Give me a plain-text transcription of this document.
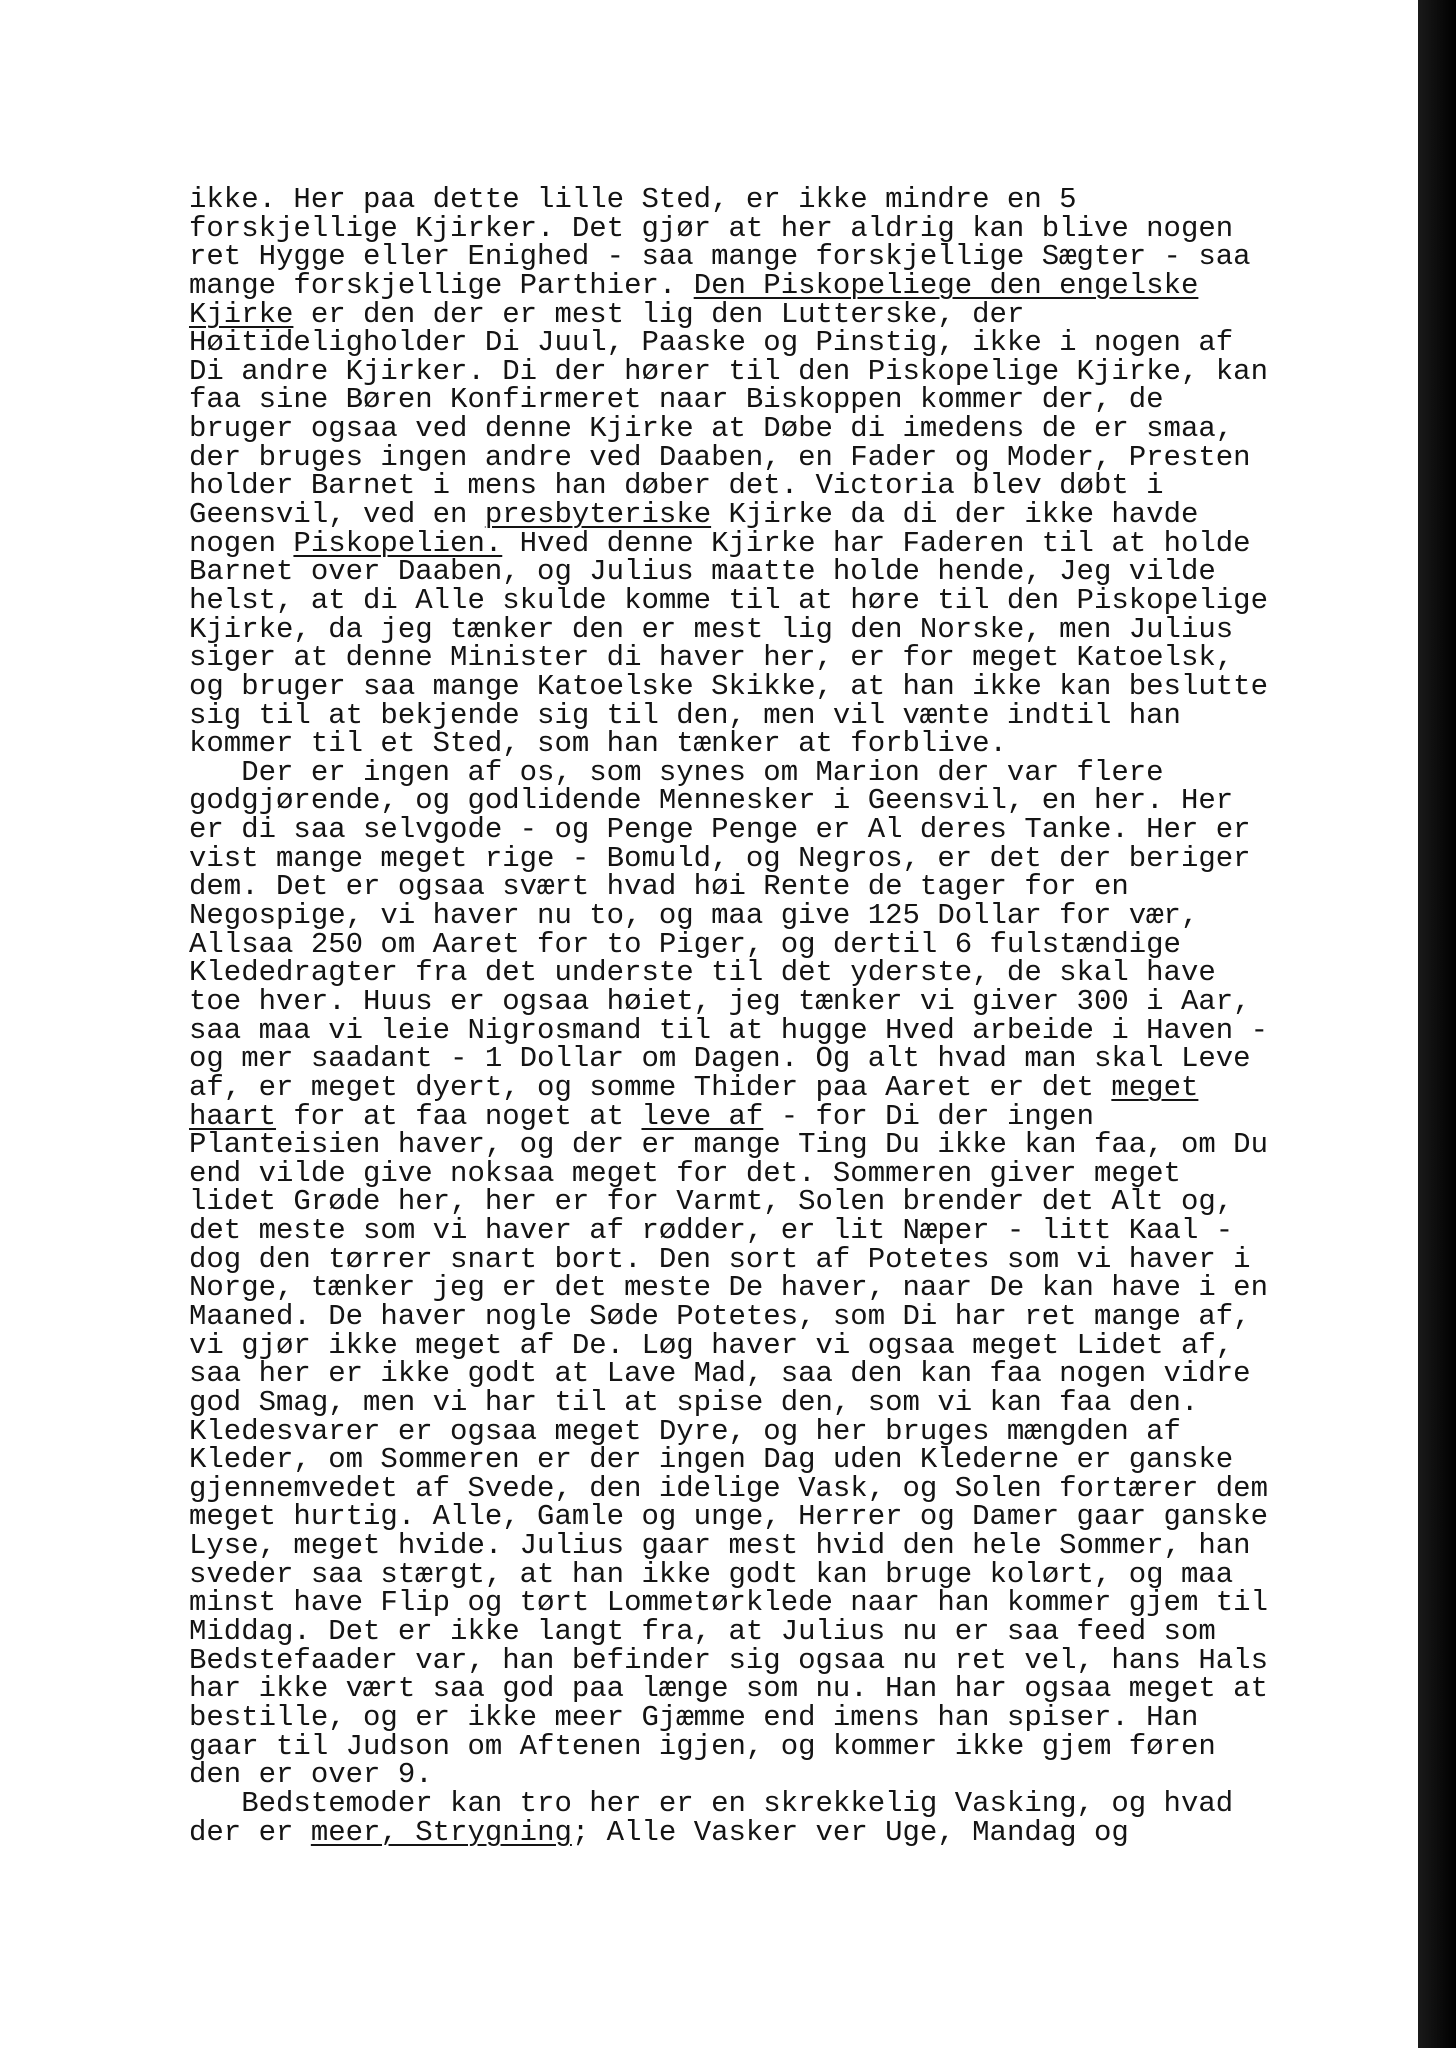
ikke. Her paa dette lille Sted, er ikke mindre en 5
forskjellige Kjirker. Det gjør at her aldrig kan blive nogen
ret Hygge eller Enighed - saa mange forskjellige Sægter - saa
mange forskjellige Parthier. Den Piskopeliege den engelske
Kjirke er den der er mest lig den Lutterske, der
Høitideligholder Di Juul, Paaske og Pinstig, ikke i nogen af
Di andre Kjirker. Di der hører til den Piskopelige Kjirke, kan
faa sine Børen Konfirmeret naar Biskoppen kommer der, de
bruger ogsaa ved denne Kjirke at Døbe di imedens de er smaa,
der bruges ingen andre ved Daaben, en Fader og Moder, Presten
holder Barnet i mens han døber det. Victoria blev døbt i
Geensvil, ved en presbyteriske Kjirke da di der ikke havde
nogen Piskopelien. Hved denne Kjirke har Faderen til at holde
Barnet over Daaben, og Julius maatte holde hende, Jeg vilde
helst, at di Alle skulde komme til at høre til den Piskopelige
Kjirke, da jeg tænker den er mest lig den Norske, men Julius
siger at denne Minister di haver her, er for meget Katoelsk,
og bruger saa mange Katoelske Skikke, at han ikke kan beslutte
sig til at bekjende sig til den, men vil vænte indtil han
kommer til et Sted, som han tænker at forblive.
Der er ingen af os, som synes om Marion der var flere
godgjørende, og godlidende Mennesker i Geensvil, en her. Her
er di saa selvgode - og Penge Penge er Al deres Tanke. Her er
vist mange meget rige - Bomuld, og Negros, er det der beriger
dem. Det er ogsaa svært hvad høi Rente de tager for en
Negospige, vi haver nu to, og maa give 125 Dollar for vær,
Allsaa 250 om Aaret for to Piger, og dertil 6 fulstændige
Klededragter fra det underste til det yderste, de skal have
toe hver. Huus er ogsaa høiet, jeg tænker vi giver 300 i Aar,
saa maa vi leie Nigrosmand til at hugge Hved arbeide i Haven -
og mer saadant - 1 Dollar om Dagen. Og alt hvad man skal Leve
af, er meget dyert, og somme Thider paa Aaret er det meget
haart for at faa noget at leve af - for Di der ingen
Planteisien haver, og der er mange Ting Du ikke kan faa, om Du
end vilde give noksaa meget for det. Sommeren giver meget
lidet Grøde her, her er for Varmt, Solen brender det Alt og,
det meste som vi haver af rødder, er lit Næper - litt Kaal -
dog den tørrer snart bort. Den sort af Potetes som vi haver i
Norge, tænker jeg er det meste De haver, naar De kan have i en
Maaned. De haver nogle Søde Potetes, som Di har ret mange af,
vi gjør ikke meget af De. Løg haver vi ogsaa meget Lidet af,
saa her er ikke godt at Lave Mad, saa den kan faa nogen vidre
god Smag, men vi har til at spise den, som vi kan faa den.
Kledesvarer er ogsaa meget Dyre, og her bruges mængden af
Kleder, om Sommeren er der ingen Dag uden Klederne er ganske
gjennemvedet af Svede, den idelige Vask, og Solen fortærer dem
meget hurtig. Alle, Gamle og unge, Herrer og Damer gaar ganske
Lyse, meget hvide. Julius gaar mest hvid den hele Sommer, han
sveder saa stærgt, at han ikke godt kan bruge kolørt, og maa
minst have Flip og tørt Lommetørklede naar han kommer gjem til
Middag. Det er ikke langt fra, at Julius nu er saa feed som
Bedstefaader var, han befinder sig ogsaa nu ret vel, hans Hals
har ikke vært saa god paa længe som nu. Han har ogsaa meget at
bestille, og er ikke meer Gjæmme end imens han spiser. Han
gaar til Judson om Aftenen igjen, og kommer ikke gjem føren
den er over 9.
Bedstemoder kan tro her er en skrekkelig Vasking, og hvad
der er meer, Strygning; Alle Vasker ver Uge, Mandag og
